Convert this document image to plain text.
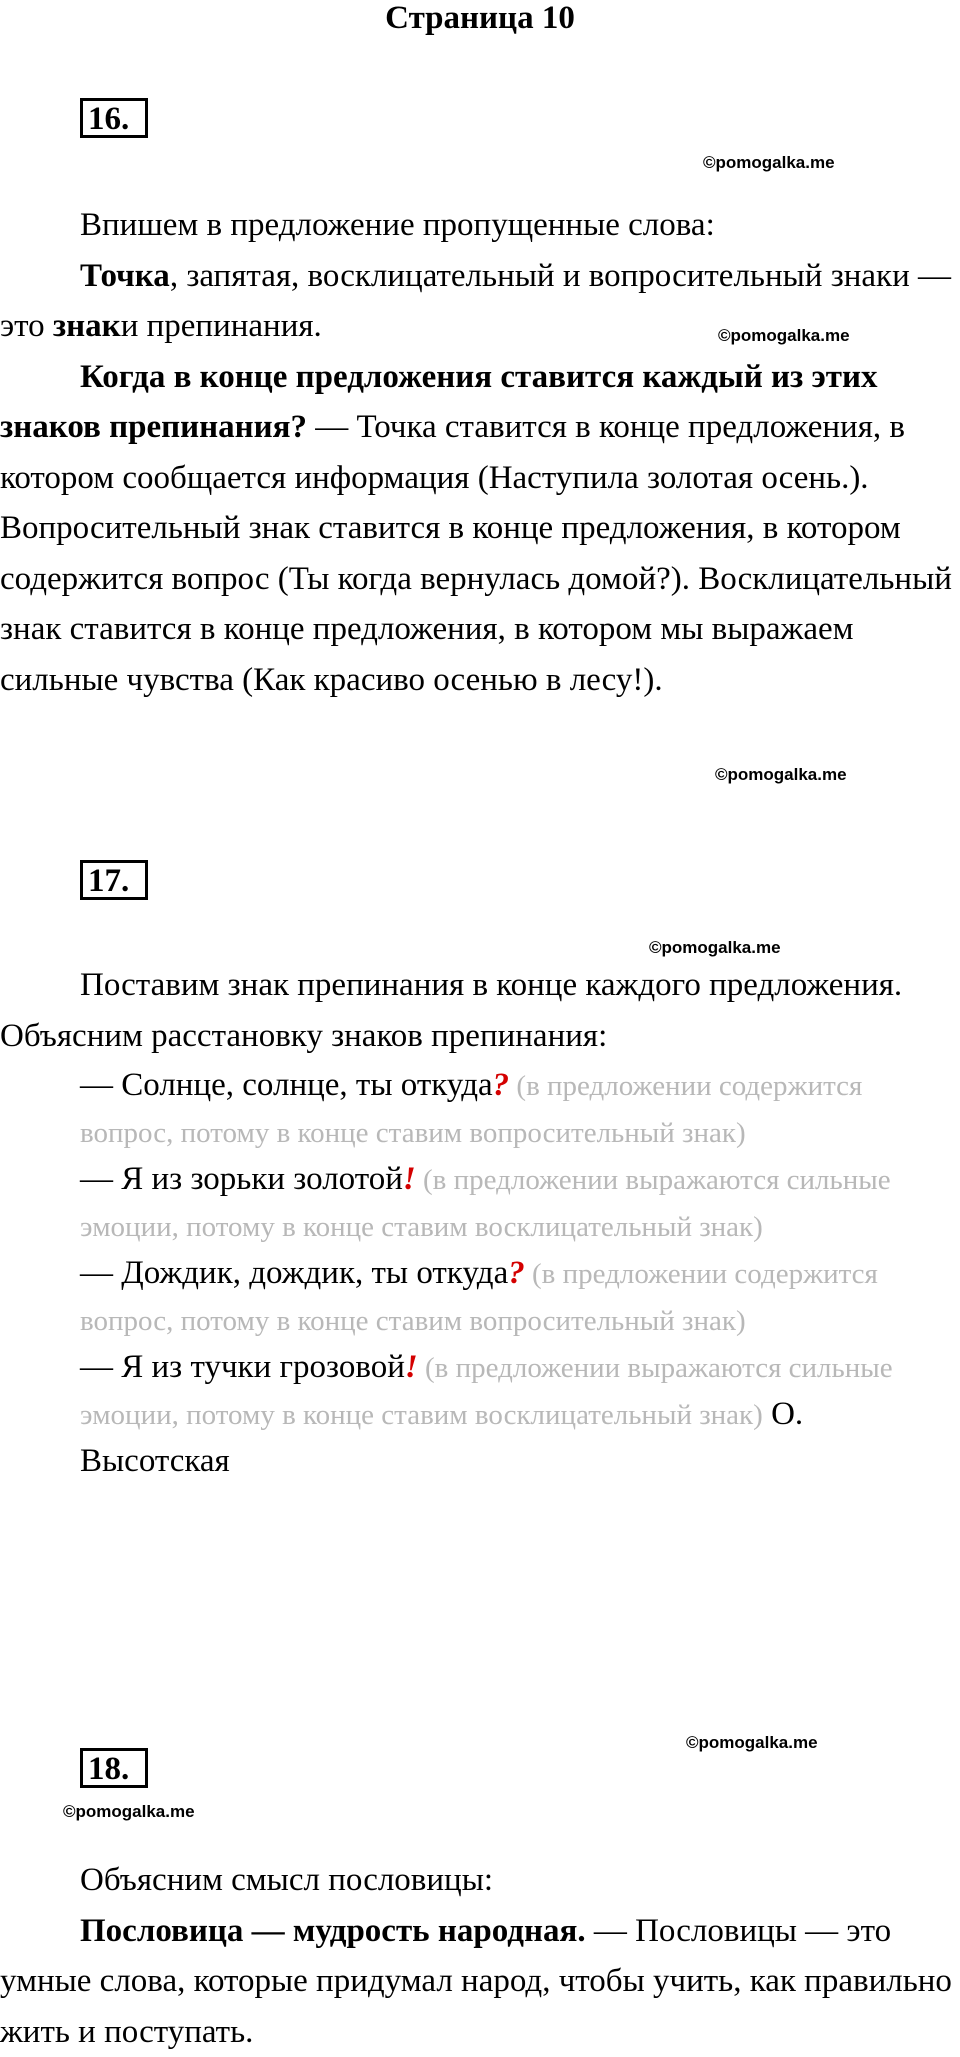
Страница 10
16.
©pomogalka.me
©pomogalka.me

Впишем в предложение пропущенные слова:

Точка, запятая, восклицательный и вопросительный знаки — это знаки препинания.

Когда в конце предложения ставится каждый из этих знаков препинания? — Точка ставится в конце предложения, в котором сообщается информация (Наступила золотая осень.). Вопросительный знак ставится в конце предложения, в котором содержится вопрос (Ты когда вернулась домой?). Восклицательный знак ставится в конце предложения, в котором мы выражаем сильные чувства (Как красиво осенью в лесу!).

©pomogalka.me
17.
©pomogalka.me

Поставим знак препинания в конце каждого предложения. Объясним расстановку знаков препинания:

— Солнце, солнце, ты откуда? (в предложении содержится вопрос, потому в конце ставим вопросительный знак)

— Я из зорьки золотой! (в предложении выражаются сильные эмоции, потому в конце ставим восклицательный знак)

— Дождик, дождик, ты откуда? (в предложении содержится вопрос, потому в конце ставим вопросительный знак)

— Я из тучки грозовой! (в предложении выражаются сильные эмоции, потому в конце ставим восклицательный знак) О. Высотская

©pomogalka.me
18.
©pomogalka.me

Объясним смысл пословицы:

Пословица — мудрость народная. — Пословицы — это умные слова, которые придумал народ, чтобы учить, как правильно жить и поступать.
